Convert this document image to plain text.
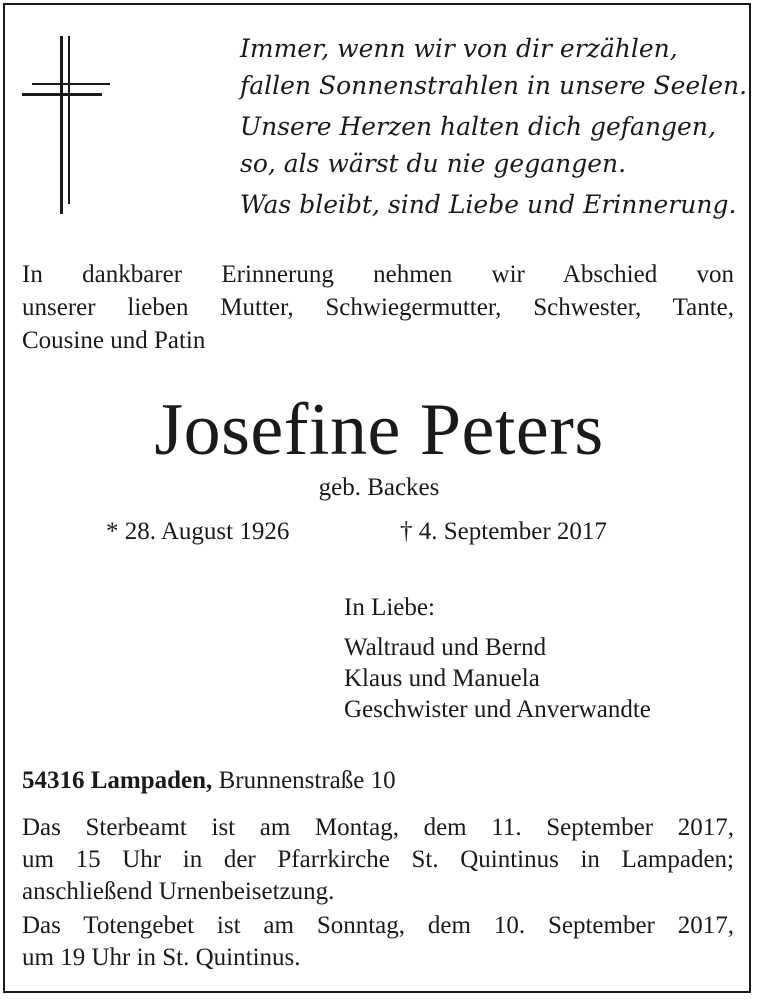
Immer, wenn wir von dir erzählen,
fallen Sonnenstrahlen in unsere Seelen.
Unsere Herzen halten dich gefangen,
so, als wärst du nie gegangen.
Was bleibt, sind Liebe und Erinnerung.
In dankbarer Erinnerung nehmen wir Abschied von
unserer lieben Mutter, Schwiegermutter, Schwester, Tante,
Cousine und Patin
Josefine Peters
geb. Backes
* 28. August 1926	† 4. September 2017
In Liebe:
Waltraud und Bernd
Klaus und Manuela
Geschwister und Anverwandte
54316 Lampaden, Brunnenstraße 10
Das Sterbeamt ist am Montag, dem 11. September 2017,
um 15 Uhr in der Pfarrkirche St. Quintinus in Lampaden;
anschließend Urnenbeisetzung.
Das Totengebet ist am Sonntag, dem 10. September 2017,
um 19 Uhr in St. Quintinus.
